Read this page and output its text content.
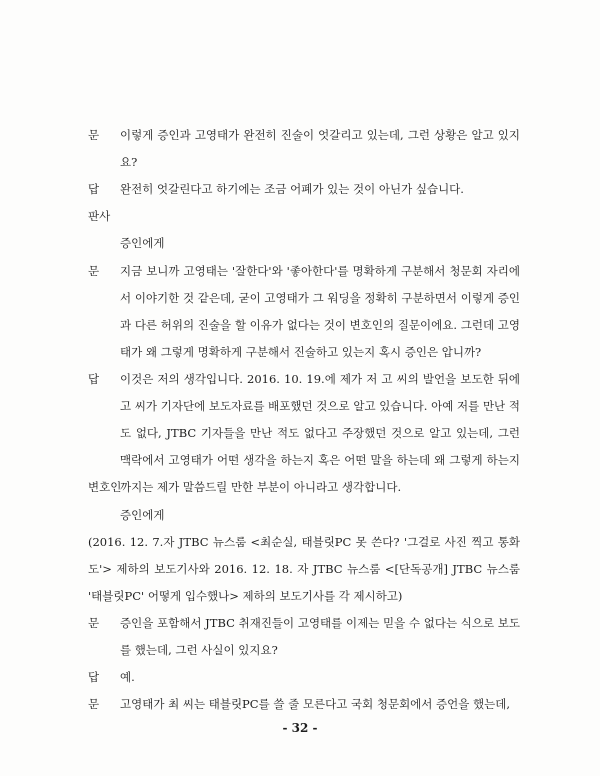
문 이렇게 증인과 고영태가 완전히 진술이 엇갈리고 있는데, 그런 상황은 알고 있지요?
답 완전히 엇갈린다고 하기에는 조금 어폐가 있는 것이 아닌가 싶습니다.
판사
증인에게
문 지금 보니까 고영태는 '잘한다'와 '좋아한다'를 명확하게 구분해서 청문회 자리에서 이야기한 것 같은데, 굳이 고영태가 그 워딩을 정확히 구분하면서 이렇게 증인과 다른 허위의 진술을 할 이유가 없다는 것이 변호인의 질문이에요. 그런데 고영태가 왜 그렇게 명확하게 구분해서 진술하고 있는지 혹시 증인은 압니까?
답 이것은 저의 생각입니다. 2016. 10. 19.에 제가 저 고 씨의 발언을 보도한 뒤에 고 씨가 기자단에 보도자료를 배포했던 것으로 알고 있습니다. 아예 저를 만난 적도 없다, JTBC 기자들을 만난 적도 없다고 주장했던 것으로 알고 있는데, 그런 맥락에서 고영태가 어떤 생각을 하는지 혹은 어떤 말을 하는데 왜 그렇게 하는지까지는 제가 말씀드릴 만한 부분이 아니라고 생각합니다.
변호인
증인에게
(2016. 12. 7.자 JTBC 뉴스룸 <최순실, 태블릿PC 못 쓴다? '그걸로 사진 찍고 통화도'> 제하의 보도기사와 2016. 12. 18. 자 JTBC 뉴스룸 <[단독공개] JTBC 뉴스룸 '태블릿PC' 어떻게 입수했나> 제하의 보도기사를 각 제시하고)
문 증인을 포함해서 JTBC 취재진들이 고영태를 이제는 믿을 수 없다는 식으로 보도를 했는데, 그런 사실이 있지요?
답 예.
문 고영태가 최 씨는 태블릿PC를 쓸 줄 모른다고 국회 청문회에서 증언을 했는데,
- 32 -
